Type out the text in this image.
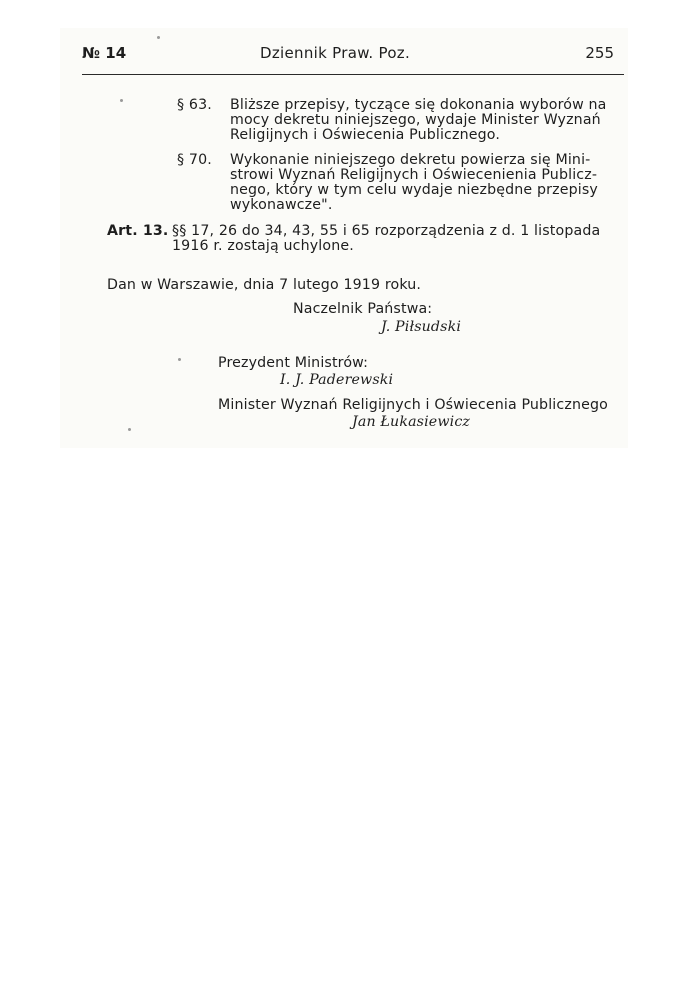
№ 14	Dziennik Praw. Poz.	255
§ 63. Bliższe przepisy, tyczące się dokonania wyborów na
mocy dekretu niniejszego, wydaje Minister Wyznań
Religijnych i Oświecenia Publicznego.
§ 70. Wykonanie niniejszego dekretu powierza się Mini-
strowi Wyznań Religijnych i Oświecenienia Publicz-
nego, który w tym celu wydaje niezbędne przepisy
wykonawcze".
Art. 13. §§ 17, 26 do 34, 43, 55 i 65 rozporządzenia z d. 1 listopada
1916 r. zostają uchylone.
Dan w Warszawie, dnia 7 lutego 1919 roku.
Naczelnik Państwa:
J. Piłsudski
Prezydent Ministrów:
I. J. Paderewski
Minister Wyznań Religijnych i Oświecenia Publicznego
Jan Łukasiewicz
